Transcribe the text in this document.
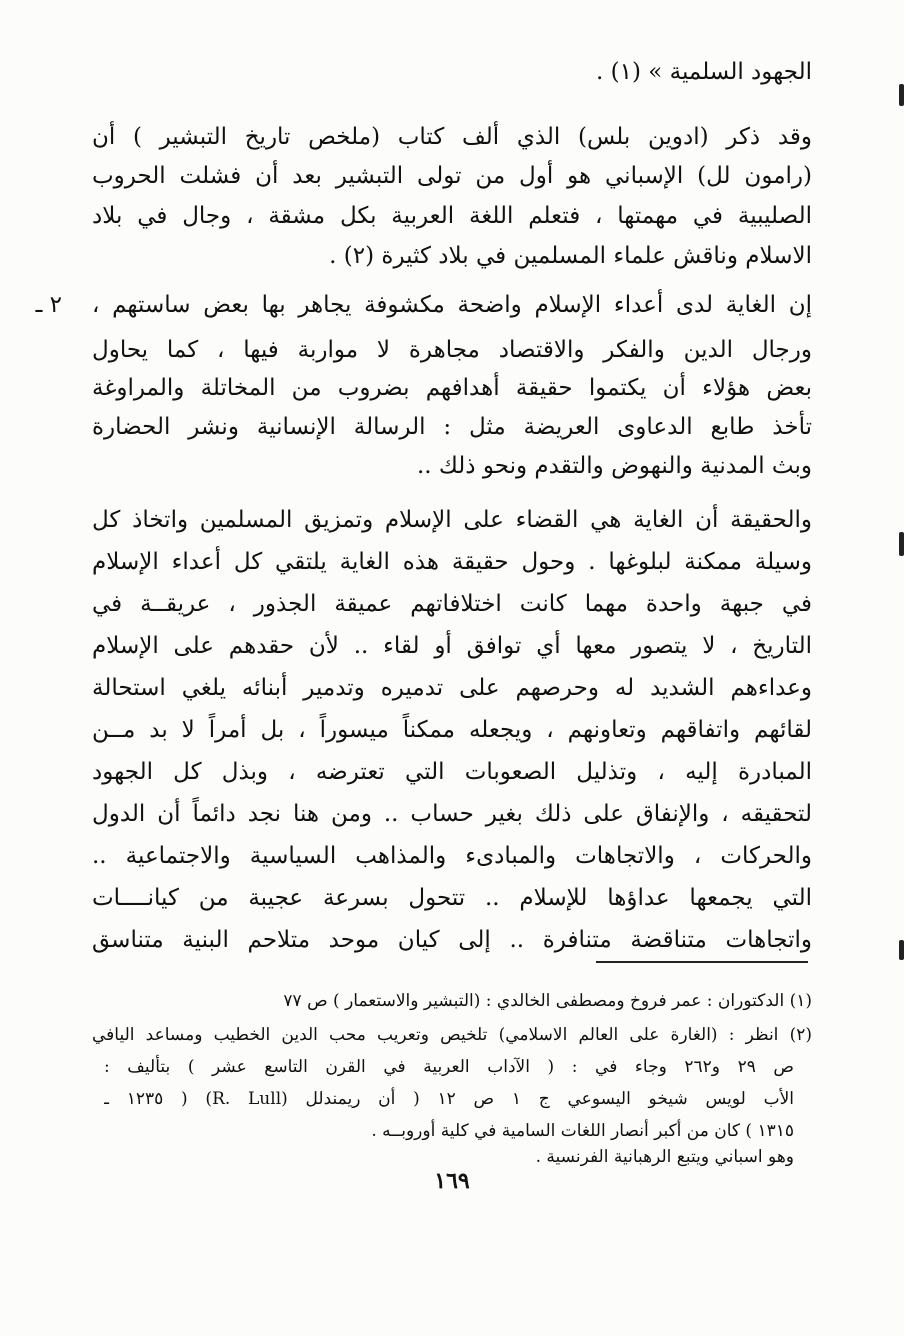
الجهود السلمية » (١) .

وقد ذكر (ادوين بلس) الذي ألف كتاب (ملخص تاريخ التبشير ) أن

(رامون لل) الإسباني هو أول من تولى التبشير بعد أن فشلت الحروب

الصليبية في مهمتها ، فتعلم اللغة العربية بكل مشقة ، وجال في بلاد

الاسلام وناقش علماء المسلمين في بلاد كثيرة (٢) .

٢ ـ إن الغاية لدى أعداء الإسلام واضحة مكشوفة يجاهر بها بعض ساستهم ،

ورجال الدين والفكر والاقتصاد مجاهرة لا مواربة فيها ، كما يحاول

بعض هؤلاء أن يكتموا حقيقة أهدافهم بضروب من المخاتلة والمراوغة

تأخذ طابع الدعاوى العريضة مثل : الرسالة الإنسانية ونشر الحضارة

وبث المدنية والنهوض والتقدم ونحو ذلك ..

والحقيقة أن الغاية هي القضاء على الإسلام وتمزيق المسلمين واتخاذ كل

وسيلة ممكنة لبلوغها . وحول حقيقة هذه الغاية يلتقي كل أعداء الإسلام

في جبهة واحدة مهما كانت اختلافاتهم عميقة الجذور ، عريقــة في

التاريخ ، لا يتصور معها أي توافق أو لقاء .. لأن حقدهم على الإسلام

وعداءهم الشديد له وحرصهم على تدميره وتدمير أبنائه يلغي استحالة

لقائهم واتفاقهم وتعاونهم ، ويجعله ممكناً ميسوراً ، بل أمراً لا بد مــن

المبادرة إليه ، وتذليل الصعوبات التي تعترضه ، وبذل كل الجهود

لتحقيقه ، والإنفاق على ذلك بغير حساب .. ومن هنا نجد دائماً أن الدول

والحركات ، والاتجاهات والمبادىء والمذاهب السياسية والاجتماعية ..

التي يجمعها عداؤها للإسلام .. تتحول بسرعة عجيبة من كيانــــات

واتجاهات متناقضة متنافرة .. إلى كيان موحد متلاحم البنية متناسق

(١) الدكتوران : عمر فروخ ومصطفى الخالدي : (التبشير والاستعمار ) ص ٧٧

(٢) انظر : (الغارة على العالم الاسلامي) تلخيص وتعريب محب الدين الخطيب ومساعد اليافي

ص ٢٩ و٢٦٢ وجاء في : ( الآداب العربية في القرن التاسع عشر ) بتأليف :

الأب لويس شيخو اليسوعي ج ١ ص ١٢ ( أن ريمندلل (R. Lull) ( ١٢٣٥ ـ

١٣١٥ ) كان من أكبر أنصار اللغات السامية في كلية أوروبــه .

وهو اسباني ويتبع الرهبانية الفرنسية .

١٦٩
